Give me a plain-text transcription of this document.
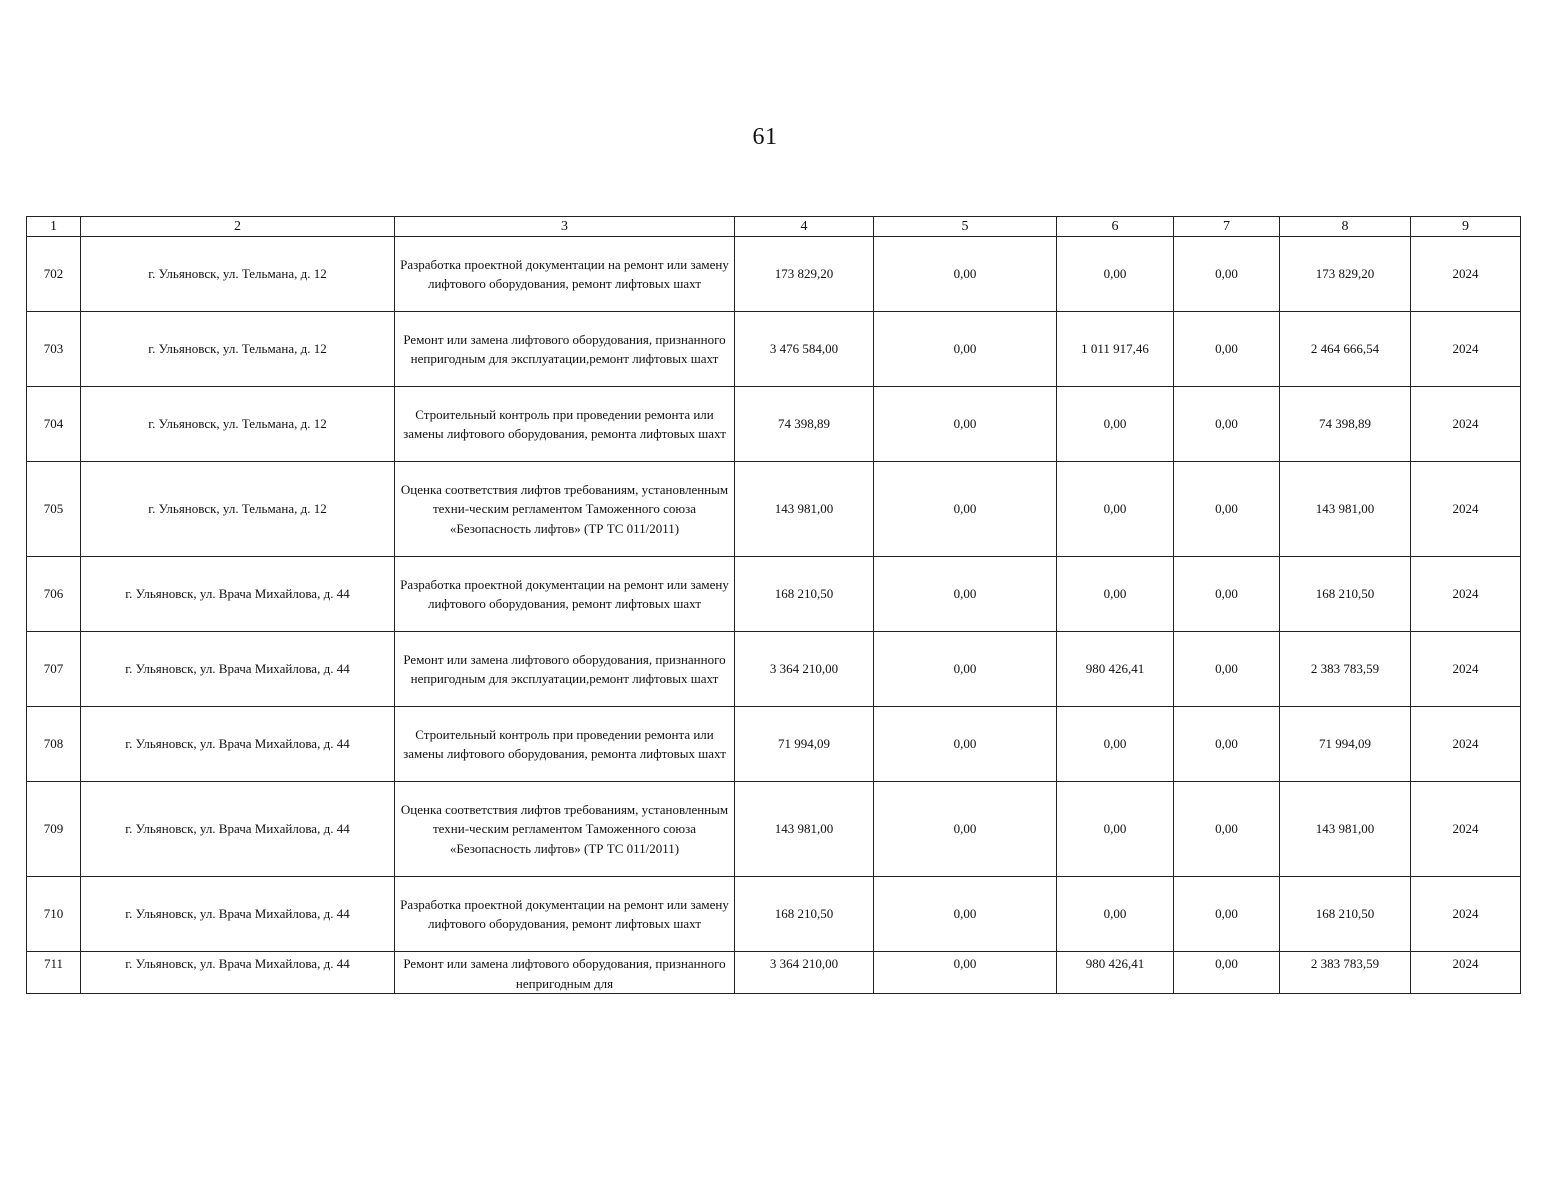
61
1	2	3	4	5	6	7	8	9
702	г. Ульяновск, ул. Тельмана, д. 12	Разработка проектной документации на ремонт или замену лифтового оборудования, ремонт лифтовых шахт	173 829,20	0,00	0,00	0,00	173 829,20	2024
703	г. Ульяновск, ул. Тельмана, д. 12	Ремонт или замена лифтового оборудования, признанного непригодным для эксплуатации,ремонт лифтовых шахт	3 476 584,00	0,00	1 011 917,46	0,00	2 464 666,54	2024
704	г. Ульяновск, ул. Тельмана, д. 12	Строительный контроль при проведении ремонта или замены лифтового оборудования, ремонта лифтовых шахт	74 398,89	0,00	0,00	0,00	74 398,89	2024
705	г. Ульяновск, ул. Тельмана, д. 12	Оценка соответствия лифтов требованиям, установленным техни-ческим регламентом Таможенного союза «Безопасность лифтов» (ТР ТС 011/2011)	143 981,00	0,00	0,00	0,00	143 981,00	2024
706	г. Ульяновск, ул. Врача Михайлова, д. 44	Разработка проектной документации на ремонт или замену лифтового оборудования, ремонт лифтовых шахт	168 210,50	0,00	0,00	0,00	168 210,50	2024
707	г. Ульяновск, ул. Врача Михайлова, д. 44	Ремонт или замена лифтового оборудования, признанного непригодным для эксплуатации,ремонт лифтовых шахт	3 364 210,00	0,00	980 426,41	0,00	2 383 783,59	2024
708	г. Ульяновск, ул. Врача Михайлова, д. 44	Строительный контроль при проведении ремонта или замены лифтового оборудования, ремонта лифтовых шахт	71 994,09	0,00	0,00	0,00	71 994,09	2024
709	г. Ульяновск, ул. Врача Михайлова, д. 44	Оценка соответствия лифтов требованиям, установленным техни-ческим регламентом Таможенного союза «Безопасность лифтов» (ТР ТС 011/2011)	143 981,00	0,00	0,00	0,00	143 981,00	2024
710	г. Ульяновск, ул. Врача Михайлова, д. 44	Разработка проектной документации на ремонт или замену лифтового оборудования, ремонт лифтовых шахт	168 210,50	0,00	0,00	0,00	168 210,50	2024
711	г. Ульяновск, ул. Врача Михайлова, д. 44	Ремонт или замена лифтового оборудования, признанного непригодным для	3 364 210,00	0,00	980 426,41	0,00	2 383 783,59	2024
